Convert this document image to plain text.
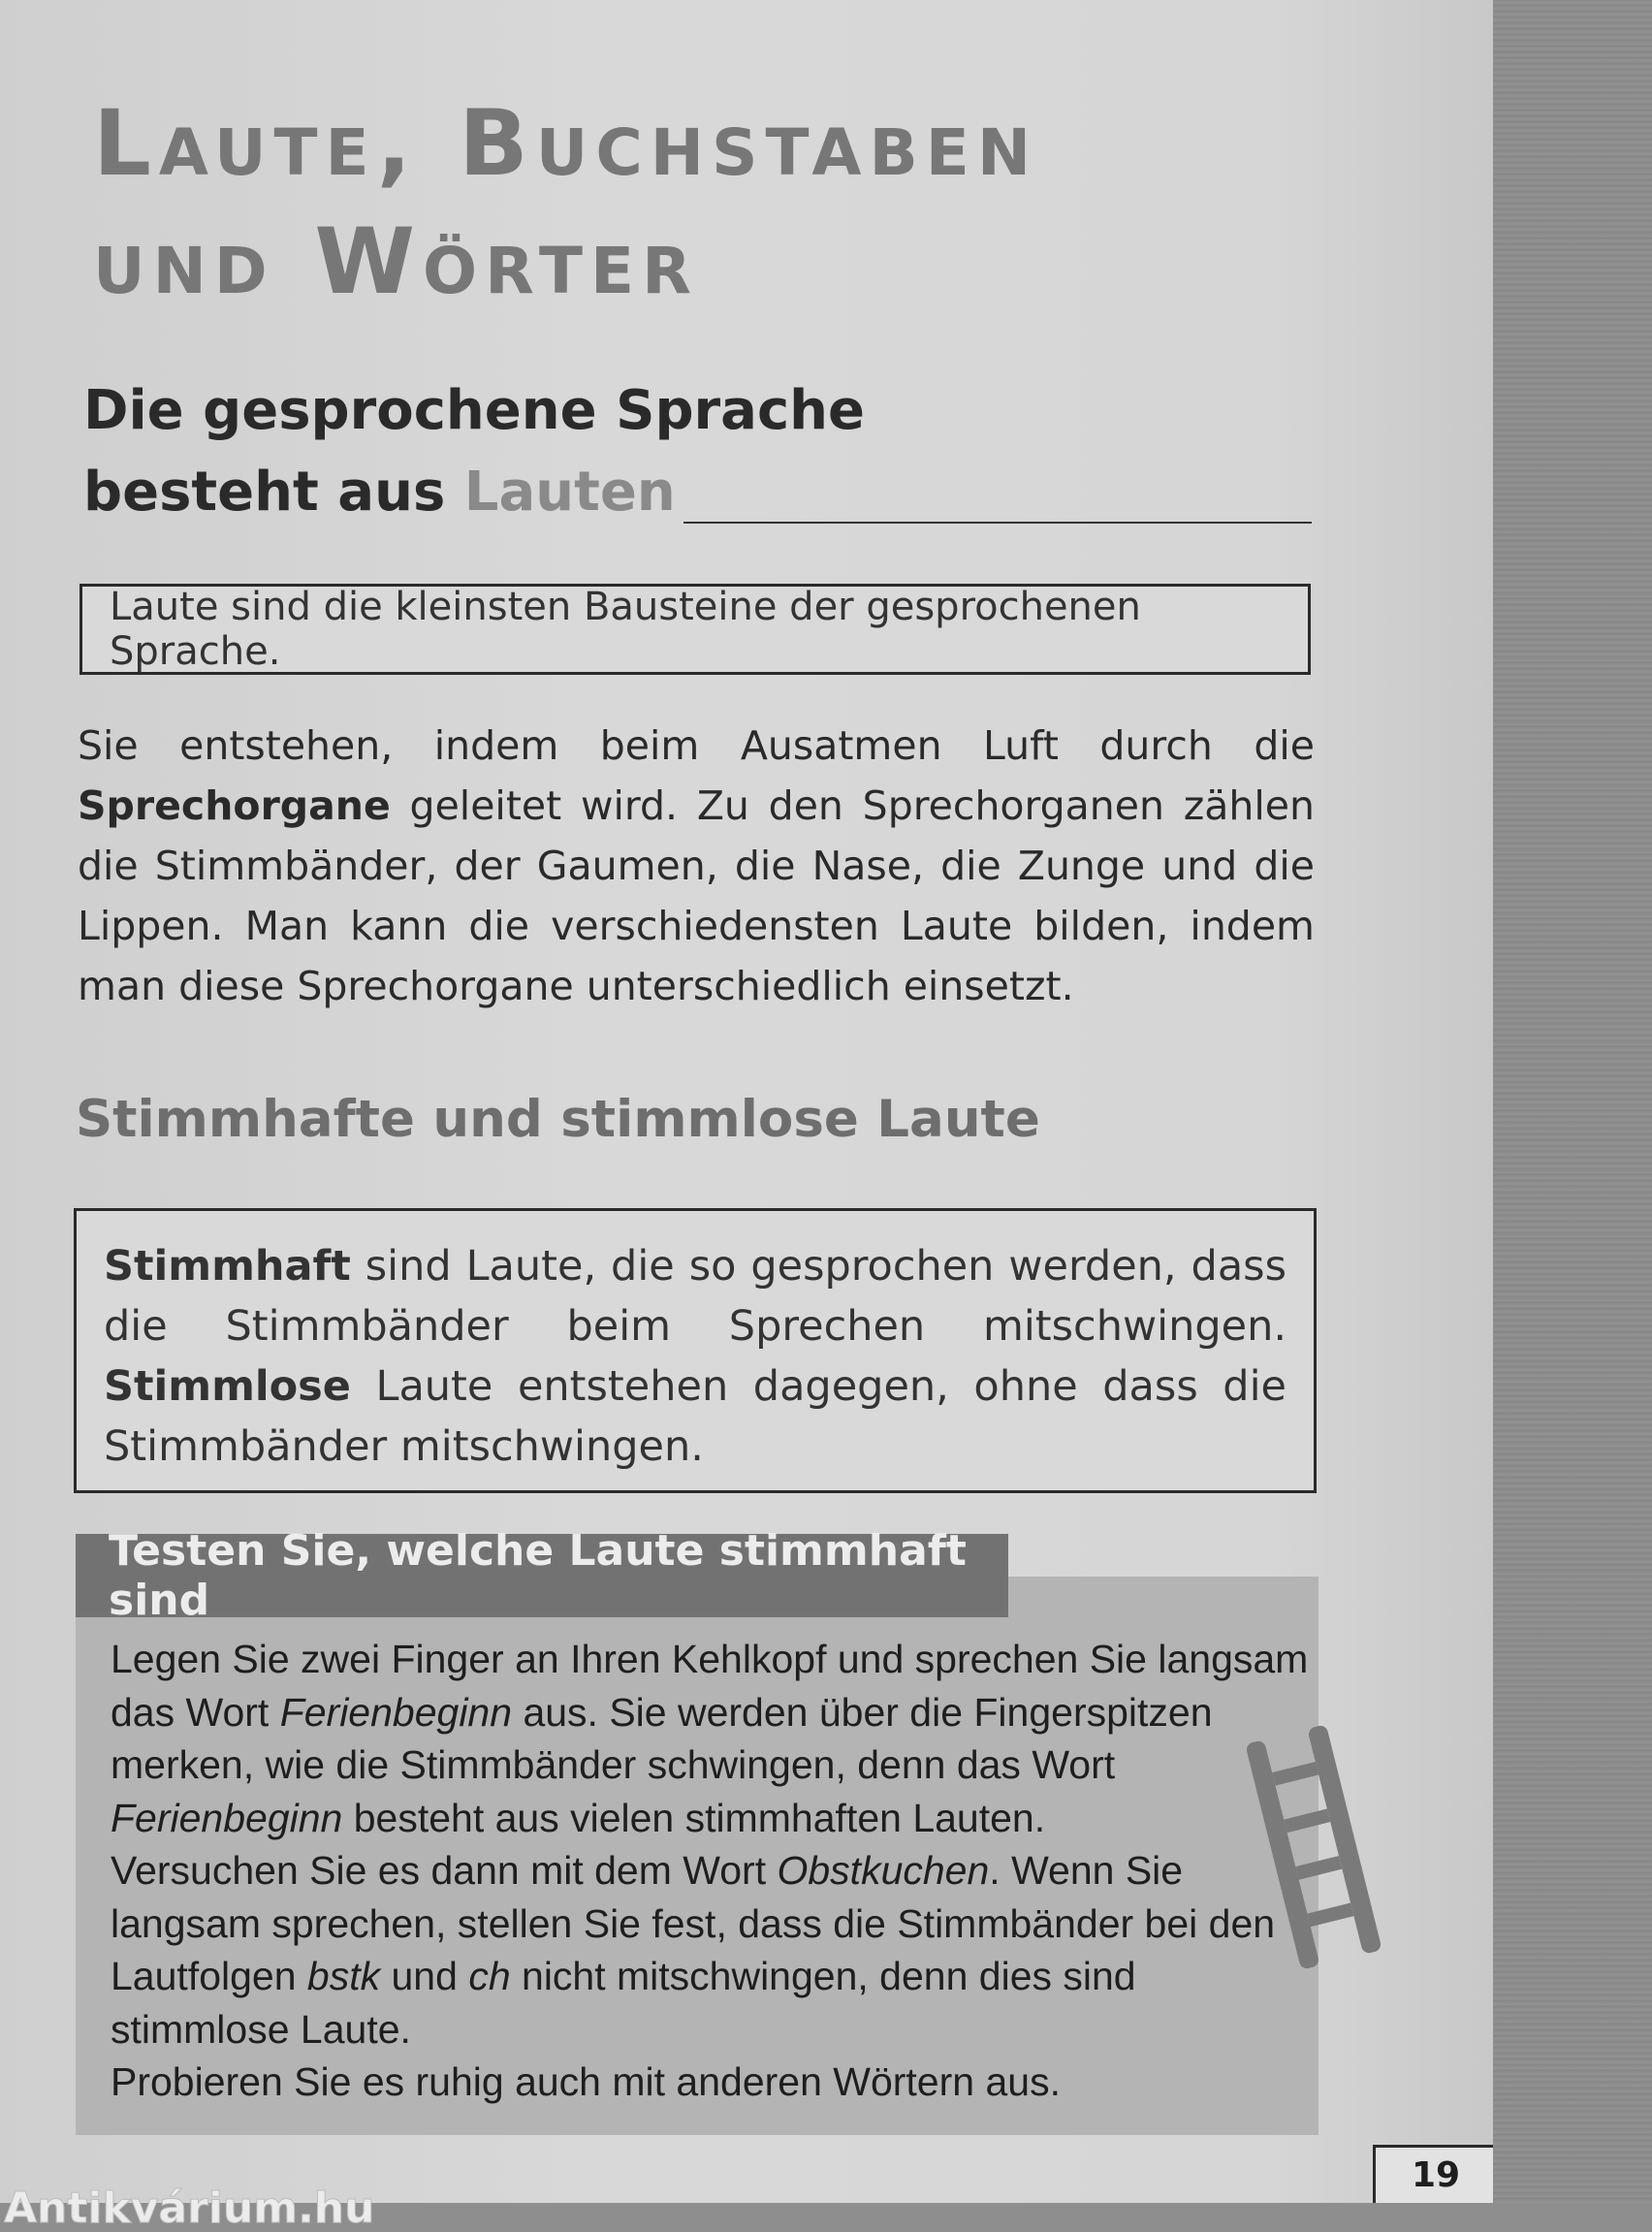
Laute, Buchstaben
und Wörter
Die gesprochene Sprache
besteht aus Lauten
Laute sind die kleinsten Bausteine der gesprochenen Sprache.

Sie entstehen, indem beim Ausatmen Luft durch die Sprechorgane geleitet wird. Zu den Sprechorganen zählen die Stimmbänder, der Gaumen, die Nase, die Zunge und die Lippen. Man kann die verschiedensten Laute bilden, indem man diese Sprechorgane unterschiedlich einsetzt.

Stimmhafte und stimmlose Laute

Stimmhaft sind Laute, die so gesprochen werden, dass die Stimmbänder beim Sprechen mitschwingen. Stimmlose Laute entstehen dagegen, ohne dass die Stimmbänder mitschwingen.

Testen Sie, welche Laute stimmhaft sind

Legen Sie zwei Finger an Ihren Kehlkopf und sprechen Sie langsam das Wort Ferienbeginn aus. Sie werden über die Fingerspitzen merken, wie die Stimmbänder schwingen, denn das Wort Ferienbeginn besteht aus vielen stimmhaften Lauten.
Versuchen Sie es dann mit dem Wort Obstkuchen. Wenn Sie langsam sprechen, stellen Sie fest, dass die Stimmbänder bei den Lautfolgen bstk und ch nicht mitschwingen, denn dies sind stimmlose Laute.
Probieren Sie es ruhig auch mit anderen Wörtern aus.

Antikvárium.hu
19
